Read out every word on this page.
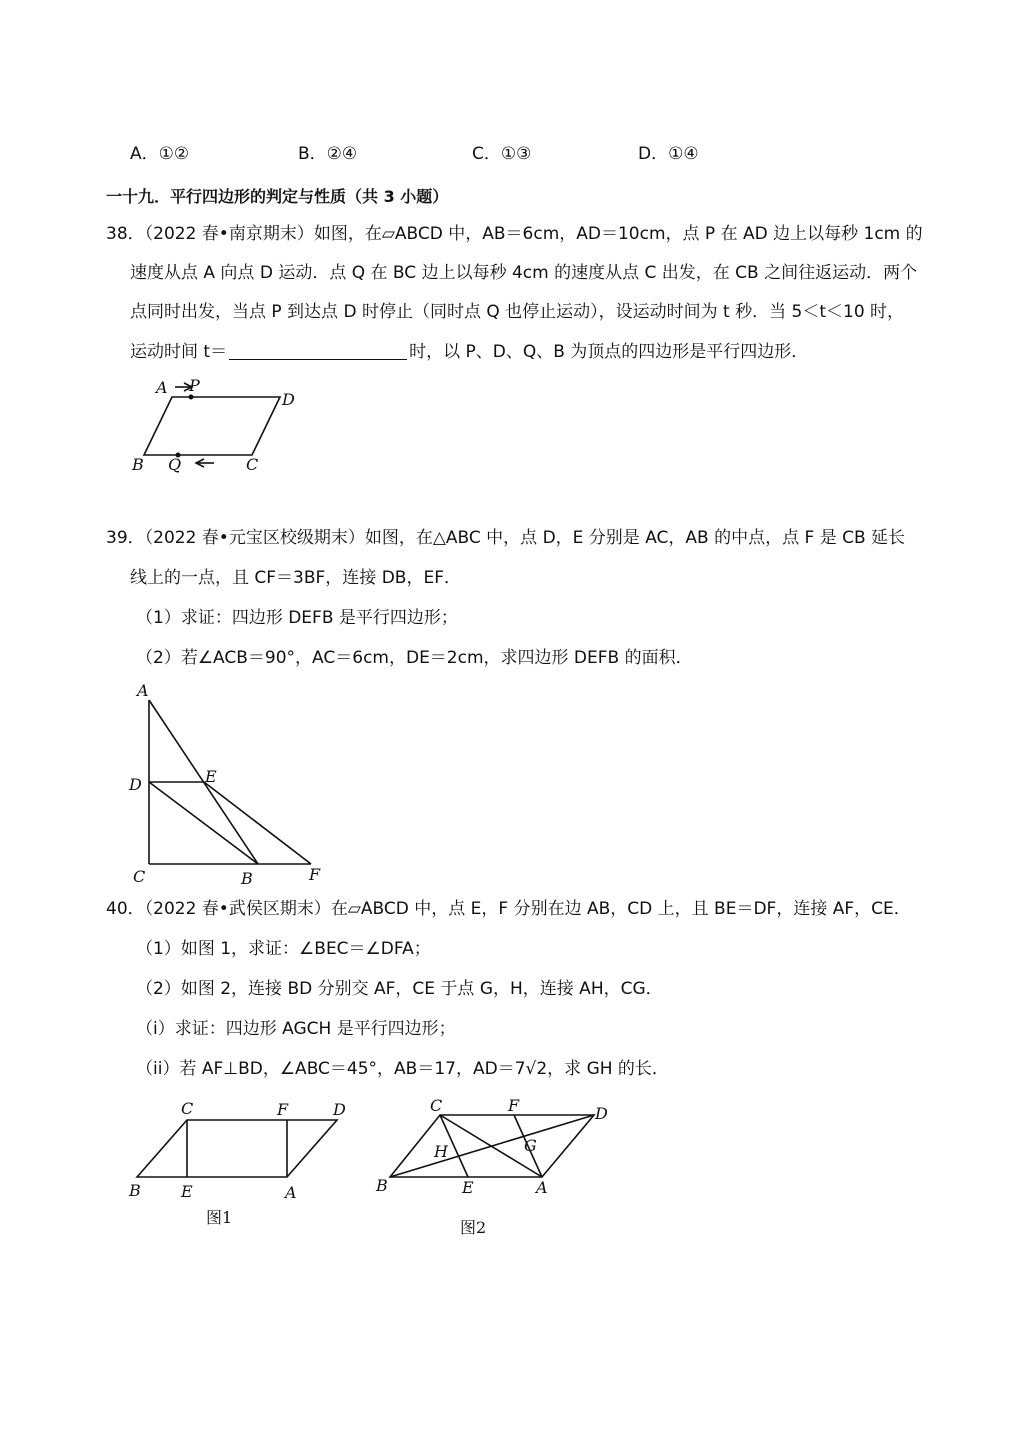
A．①②	B．②④	C．①③	D．①④
一十九．平行四边形的判定与性质（共 3 小题）
38．（2022 春•南京期末）如图，在▱ABCD 中，AB＝6cm，AD＝10cm，点 P 在 AD 边上以每秒 1cm 的
速度从点 A 向点 D 运动．点 Q 在 BC 边上以每秒 4cm 的速度从点 C 出发，在 CB 之间往返运动．两个
点同时出发，当点 P 到达点 D 时停止（同时点 Q 也停止运动），设运动时间为 t 秒．当 5＜t＜10 时，
运动时间 t＝	时，以 P、D、Q、B 为顶点的四边形是平行四边形．
A P
D
B Q	C
39．（2022 春•元宝区校级期末）如图，在△ABC 中，点 D，E 分别是 AC，AB 的中点，点 F 是 CB 延长
线上的一点，且 CF＝3BF，连接 DB，EF．
（1）求证：四边形 DEFB 是平行四边形；
（2）若∠ACB＝90°，AC＝6cm，DE＝2cm，求四边形 DEFB 的面积．
A
D	E
C	B	F
40．（2022 春•武侯区期末）在▱ABCD 中，点 E，F 分别在边 AB，CD 上，且 BE＝DF，连接 AF，CE．
（1）如图 1，求证：∠BEC＝∠DFA；
（2）如图 2，连接 BD 分别交 AF，CE 于点 G，H，连接 AH，CG．
（i）求证：四边形 AGCH 是平行四边形；
（ii）若 AF⊥BD，∠ABC＝45°，AB＝17，AD＝7√2，求 GH 的长．
C	F	D
B	E	A
图1
C	F	D
H	G
B	E	A
图2
